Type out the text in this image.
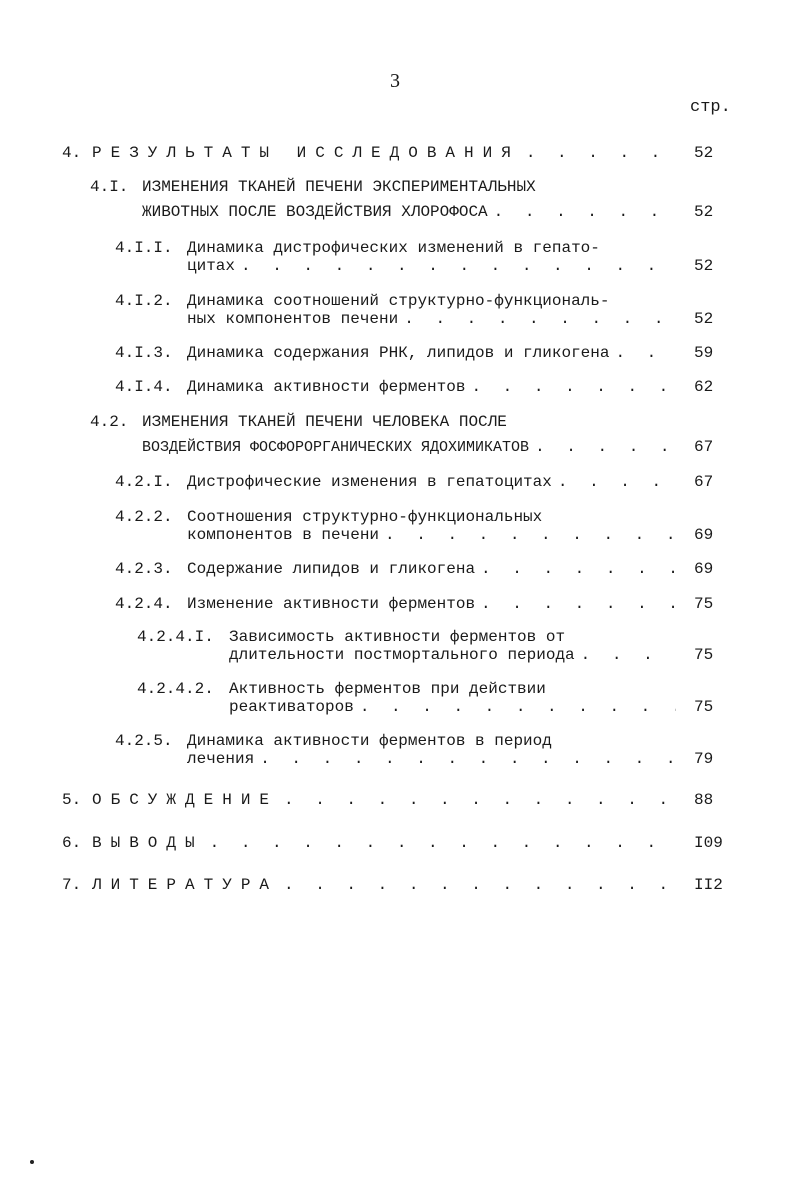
3
стр.
4. РЕЗУЛЬТАТЫ ИССЛЕДОВАНИЯ . . .	52
4.I. ИЗМЕНЕНИЯ ТКАНЕЙ ПЕЧЕНИ ЭКСПЕРИМЕНТАЛЬНЫХ
ЖИВОТНЫХ ПОСЛЕ ВОЗДЕЙСТВИЯ ХЛОРОФОСА . . .	52
4.I.I. Динамика дистрофических изменений в гепато-
цитах . . .	52
4.I.2. Динамика соотношений структурно-функциональ-
ных компонентов печени . . .	52
4.I.3. Динамика содержания РНК, липидов и гликогена . . .	59
4.I.4. Динамика активности ферментов . . .	62
4.2. ИЗМЕНЕНИЯ ТКАНЕЙ ПЕЧЕНИ ЧЕЛОВЕКА ПОСЛЕ
ВОЗДЕЙСТВИЯ ФОСФОРОРГАНИЧЕСКИХ ЯДОХИМИКАТОВ . . .	67
4.2.I. Дистрофические изменения в гепатоцитах . . .	67
4.2.2. Соотношения структурно-функциональных
компонентов в печени . . .	69
4.2.3. Содержание липидов и гликогена . . .	69
4.2.4. Изменение активности ферментов . . .	75
4.2.4.I. Зависимость активности ферментов от
длительности постмортального периода . . .	75
4.2.4.2. Активность ферментов при действии
реактиваторов . . .	75
4.2.5. Динамика активности ферментов в период
лечения . . .	79
5. ОБСУЖДЕНИЕ . . .	88
6. ВЫВОДЫ . . .	I09
7. ЛИТЕРАТУРА . . .	II2
